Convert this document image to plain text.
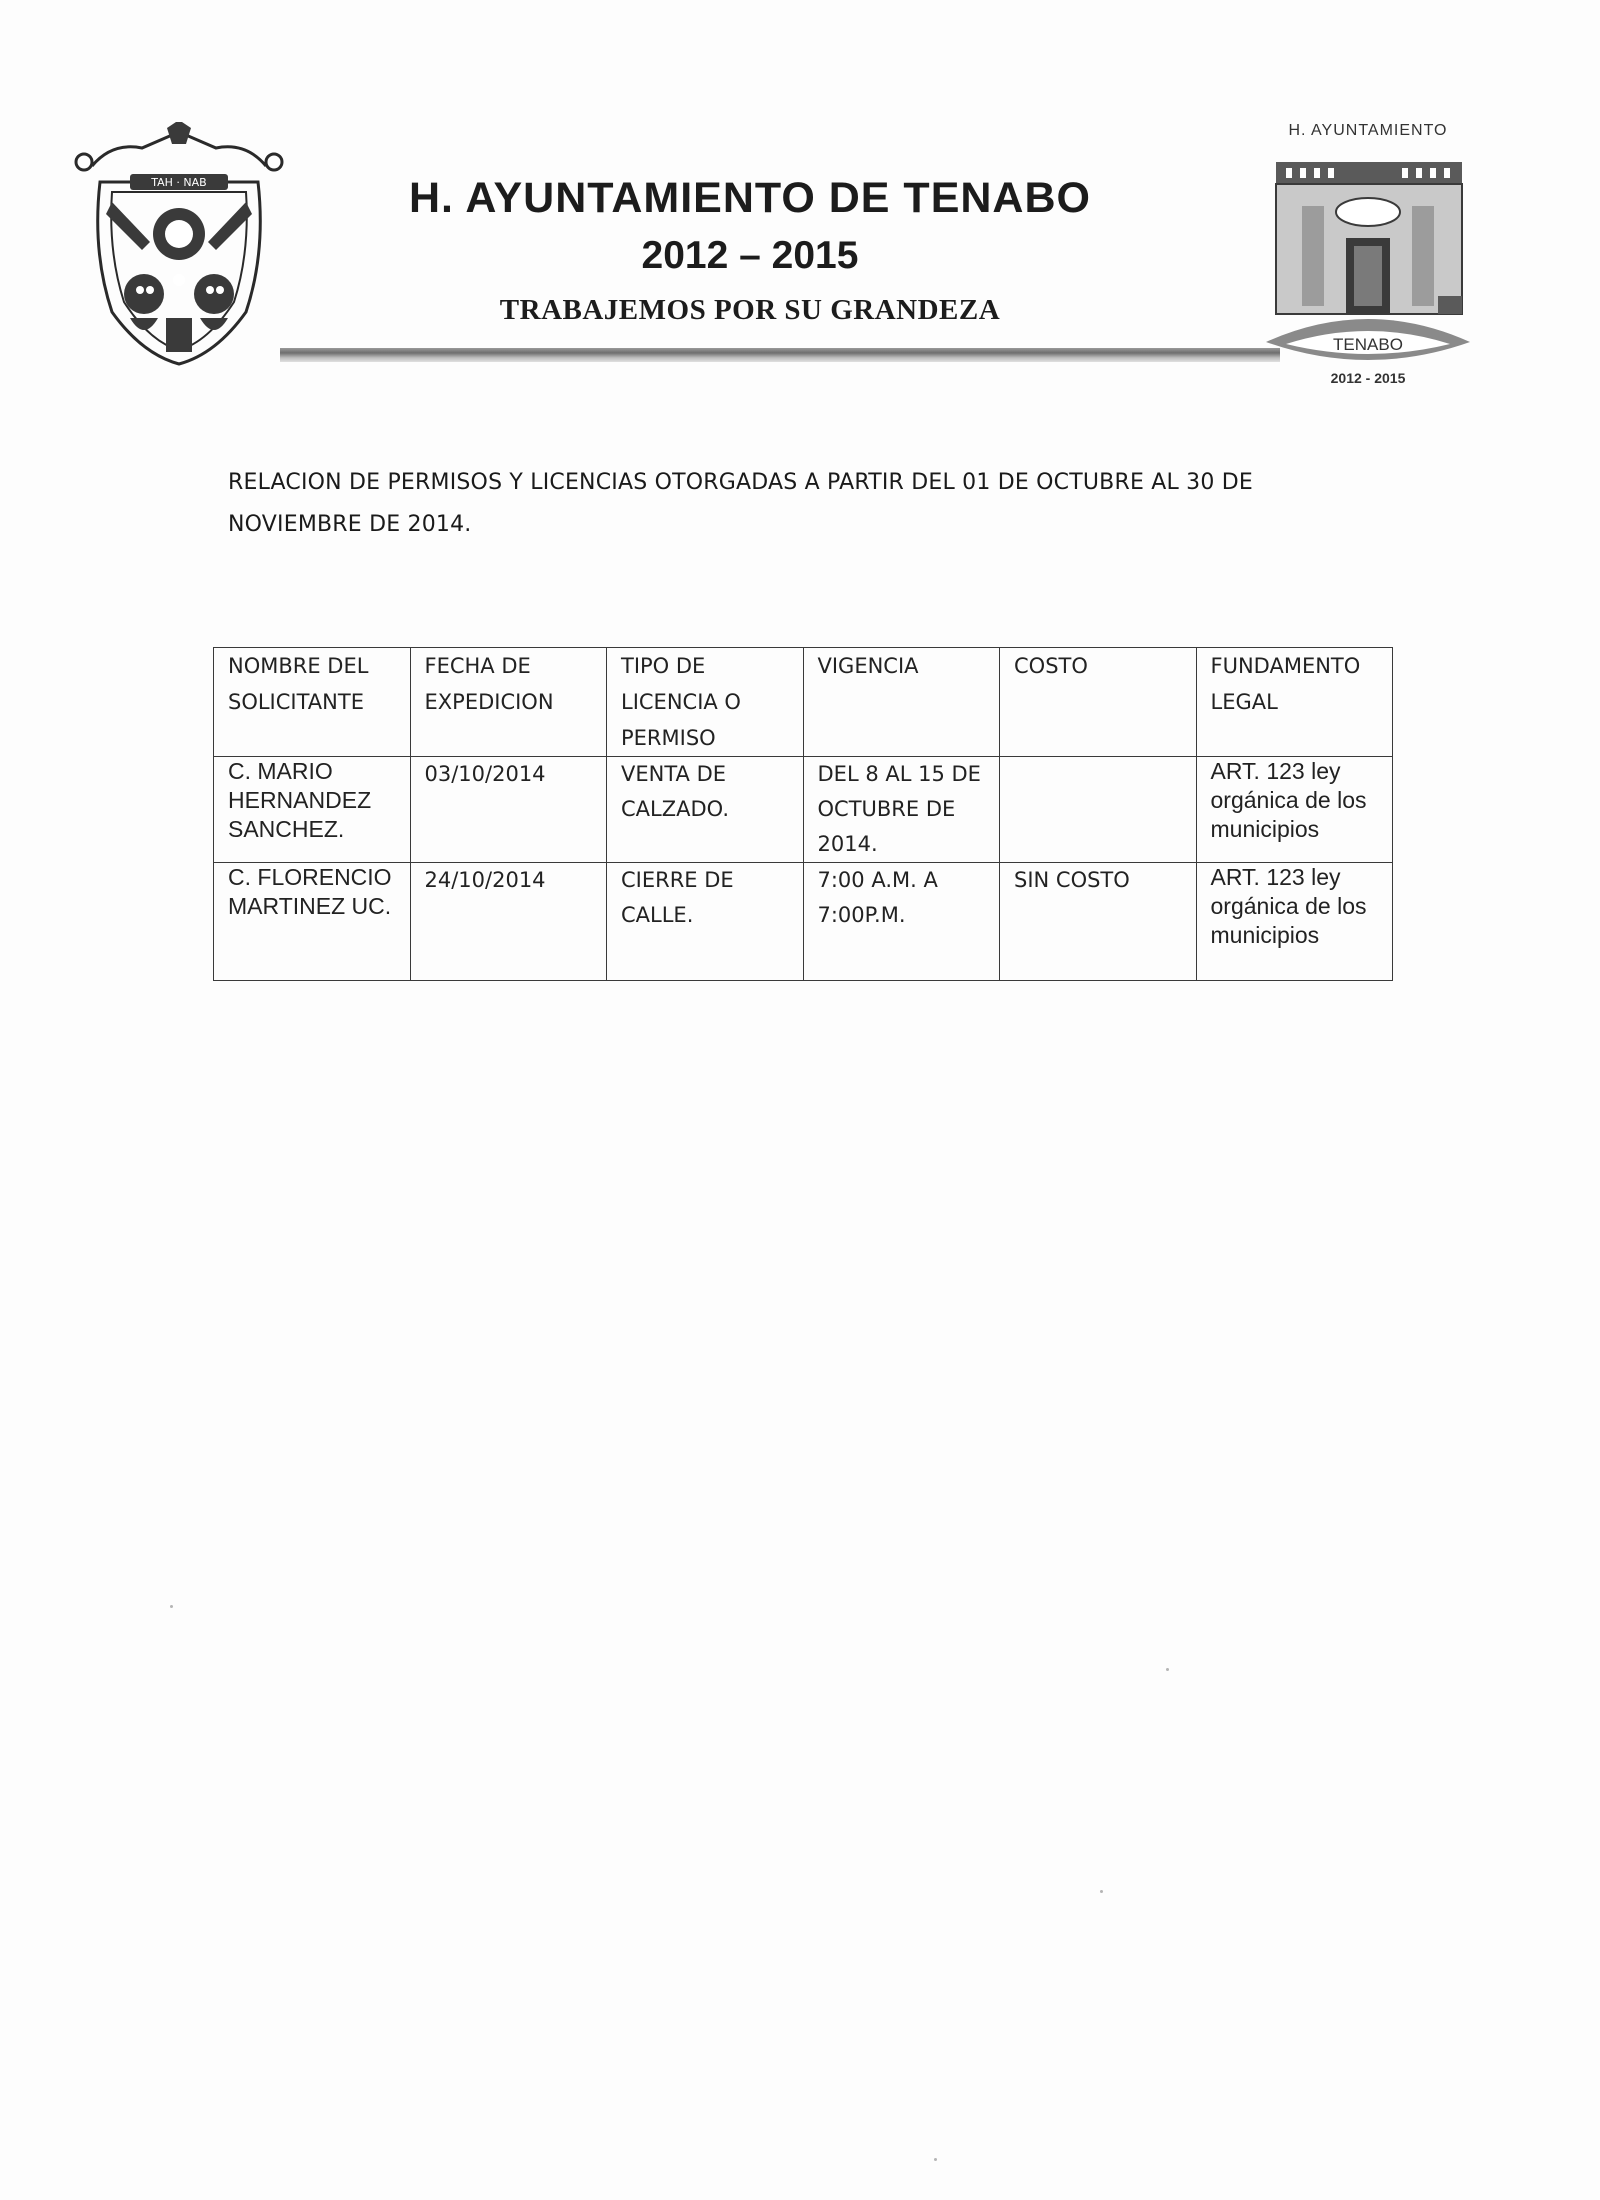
TAH · NAB	H. AYUNTAMIENTO DE TENABO
2012 – 2015
TRABAJEMOS POR SU GRANDEZA
H. AYUNTAMIENTO
TENABO
2012 - 2015

RELACION DE PERMISOS Y LICENCIAS OTORGADAS A PARTIR DEL 01 DE OCTUBRE AL 30 DE NOVIEMBRE DE 2014.

NOMBRE DEL SOLICITANTE	FECHA DE EXPEDICION	TIPO DE LICENCIA O PERMISO	VIGENCIA	COSTO	FUNDAMENTO LEGAL
C. MARIO HERNANDEZ SANCHEZ.	03/10/2014	VENTA DE CALZADO.	DEL 8 AL 15 DE OCTUBRE DE 2014.		ART. 123 ley orgánica de los municipios
C. FLORENCIO MARTINEZ UC.	24/10/2014	CIERRE DE CALLE.	7:00 A.M. A 7:00P.M.	SIN COSTO	ART. 123 ley orgánica de los municipios
